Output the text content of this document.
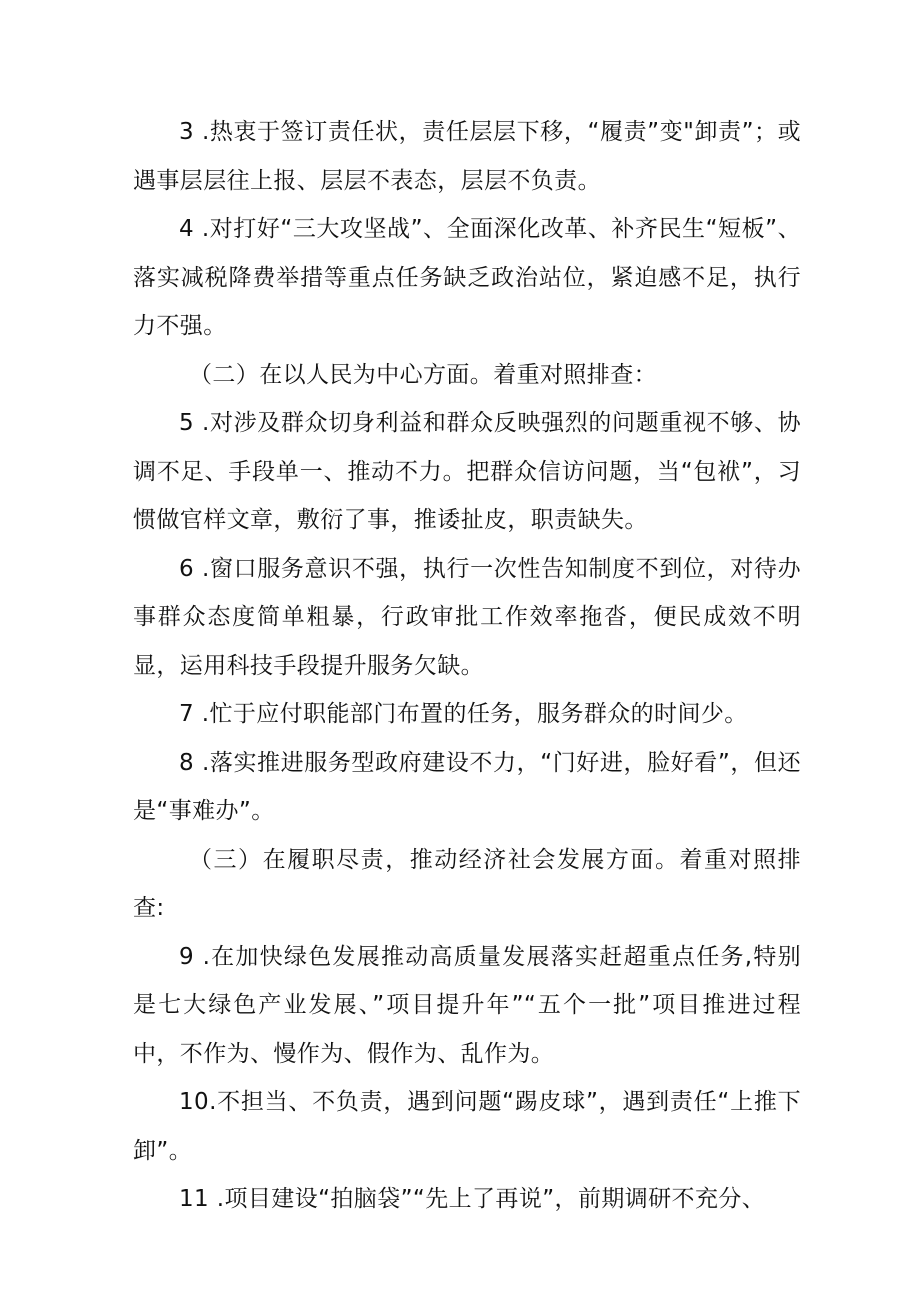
3 .热衷于签订责任状，责任层层下移，“履责”变"卸责”；或遇事层层往上报、层层不表态，层层不负责。

4 .对打好“三大攻坚战”、全面深化改革、补齐民生“短板”、落实减税降费举措等重点任务缺乏政治站位，紧迫感不足，执行力不强。

（二）在以人民为中心方面。着重对照排查：

5 .对涉及群众切身利益和群众反映强烈的问题重视不够、协调不足、手段单一、推动不力。把群众信访问题，当“包袱”，习惯做官样文章，敷衍了事，推诿扯皮，职责缺失。

6 .窗口服务意识不强，执行一次性告知制度不到位，对待办事群众态度简单粗暴，行政审批工作效率拖沓，便民成效不明显，运用科技手段提升服务欠缺。

7 .忙于应付职能部门布置的任务，服务群众的时间少。

8 .落实推进服务型政府建设不力，“门好进，脸好看”，但还是“事难办”。

（三）在履职尽责，推动经济社会发展方面。着重对照排查:

9 .在加快绿色发展推动高质量发展落实赶超重点任务,特别是七大绿色产业发展、”项目提升年”“五个一批”项目推进过程中，不作为、慢作为、假作为、乱作为。

10.不担当、不负责，遇到问题“踢皮球”，遇到责任“上推下卸”。

11 .项目建设“拍脑袋”“先上了再说”，前期调研不充分、
